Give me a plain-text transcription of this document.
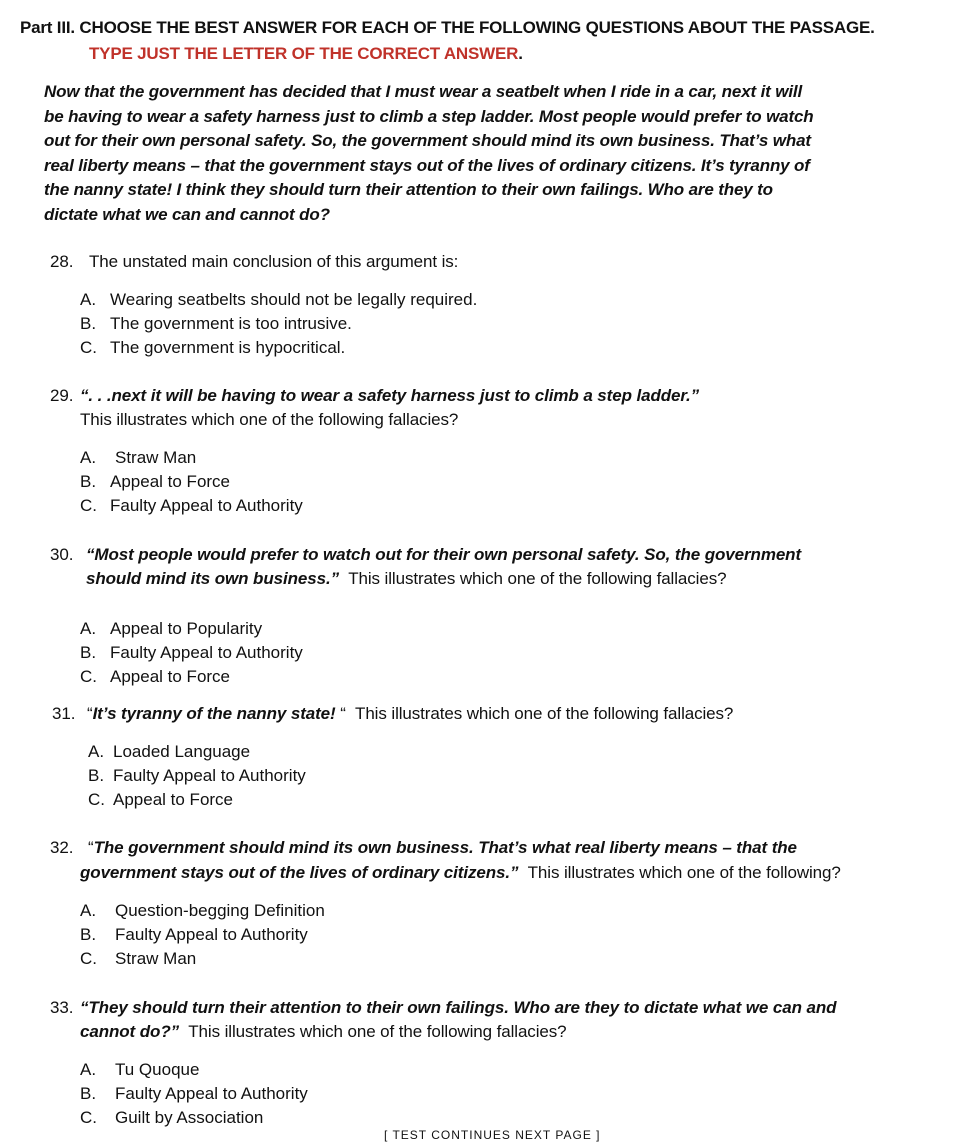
Part III. CHOOSE THE BEST ANSWER FOR EACH OF THE FOLLOWING QUESTIONS ABOUT THE PASSAGE.
TYPE JUST THE LETTER OF THE CORRECT ANSWER.
Now that the government has decided that I must wear a seatbelt when I ride in a car, next it will
be having to wear a safety harness just to climb a step ladder. Most people would prefer to watch
out for their own personal safety. So, the government should mind its own business. That’s what
real liberty means – that the government stays out of the lives of ordinary citizens. It’s tyranny of
the nanny state! I think they should turn their attention to their own failings. Who are they to
dictate what we can and cannot do?
28. The unstated main conclusion of this argument is:
A. Wearing seatbelts should not be legally required.
B. The government is too intrusive.
C. The government is hypocritical.
29. “. . .next it will be having to wear a safety harness just to climb a step ladder.”
This illustrates which one of the following fallacies?
A. Straw Man
B. Appeal to Force
C. Faulty Appeal to Authority
30. “Most people would prefer to watch out for their own personal safety. So, the government
should mind its own business.” This illustrates which one of the following fallacies?
A. Appeal to Popularity
B. Faulty Appeal to Authority
C. Appeal to Force
31. “It’s tyranny of the nanny state! “ This illustrates which one of the following fallacies?
A. Loaded Language
B. Faulty Appeal to Authority
C. Appeal to Force
32. “The government should mind its own business. That’s what real liberty means – that the
government stays out of the lives of ordinary citizens.” This illustrates which one of the following?
A. Question-begging Definition
B. Faulty Appeal to Authority
C. Straw Man
33. “They should turn their attention to their own failings. Who are they to dictate what we can and
cannot do?” This illustrates which one of the following fallacies?
A. Tu Quoque
B. Faulty Appeal to Authority
C. Guilt by Association
[ TEST CONTINUES NEXT PAGE ]
